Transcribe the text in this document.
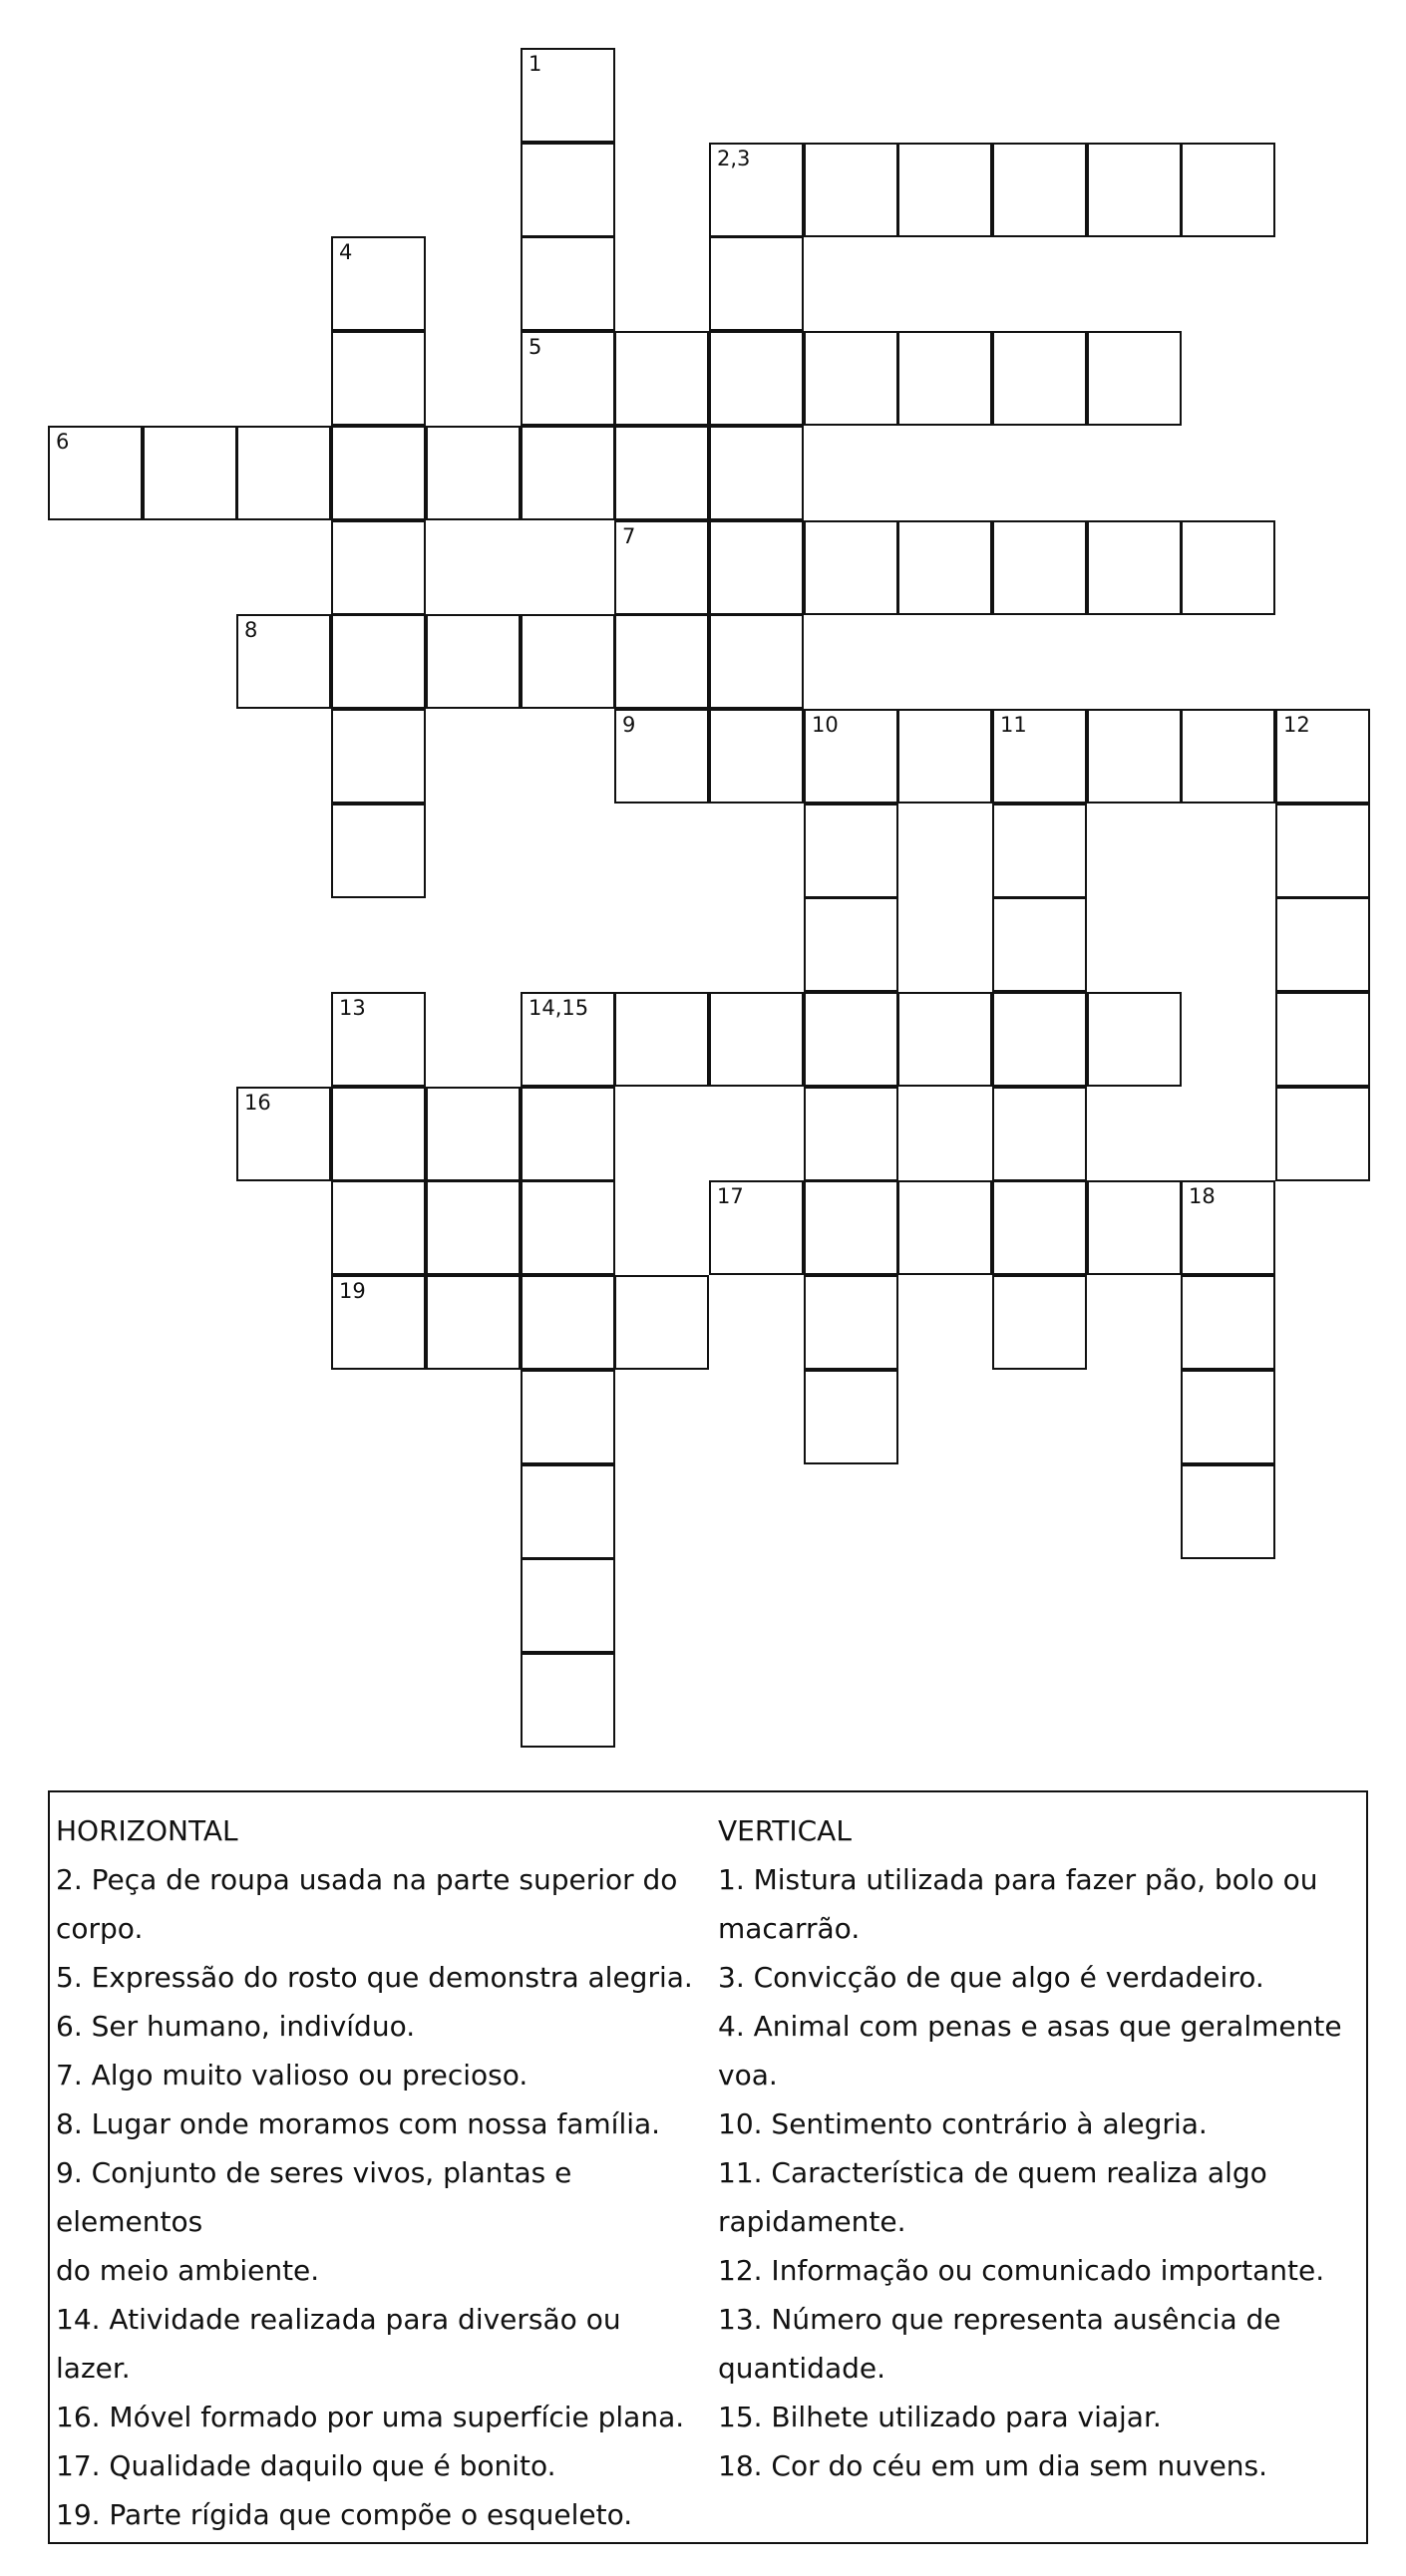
1
5
2,3
4
6
7
8
9	10	11	12
13	14,15
16
17	18
19
HORIZONTAL
2. Peça de roupa usada na parte superior do
corpo.
5. Expressão do rosto que demonstra alegria.
6. Ser humano, indivíduo.
7. Algo muito valioso ou precioso.
8. Lugar onde moramos com nossa família.
9. Conjunto de seres vivos, plantas e elementos
do meio ambiente.
14. Atividade realizada para diversão ou lazer.
16. Móvel formado por uma superfície plana.
17. Qualidade daquilo que é bonito.
19. Parte rígida que compõe o esqueleto.
VERTICAL
1. Mistura utilizada para fazer pão, bolo ou
macarrão.
3. Convicção de que algo é verdadeiro.
4. Animal com penas e asas que geralmente
voa.
10. Sentimento contrário à alegria.
11. Característica de quem realiza algo
rapidamente.
12. Informação ou comunicado importante.
13. Número que representa ausência de
quantidade.
15. Bilhete utilizado para viajar.
18. Cor do céu em um dia sem nuvens.
